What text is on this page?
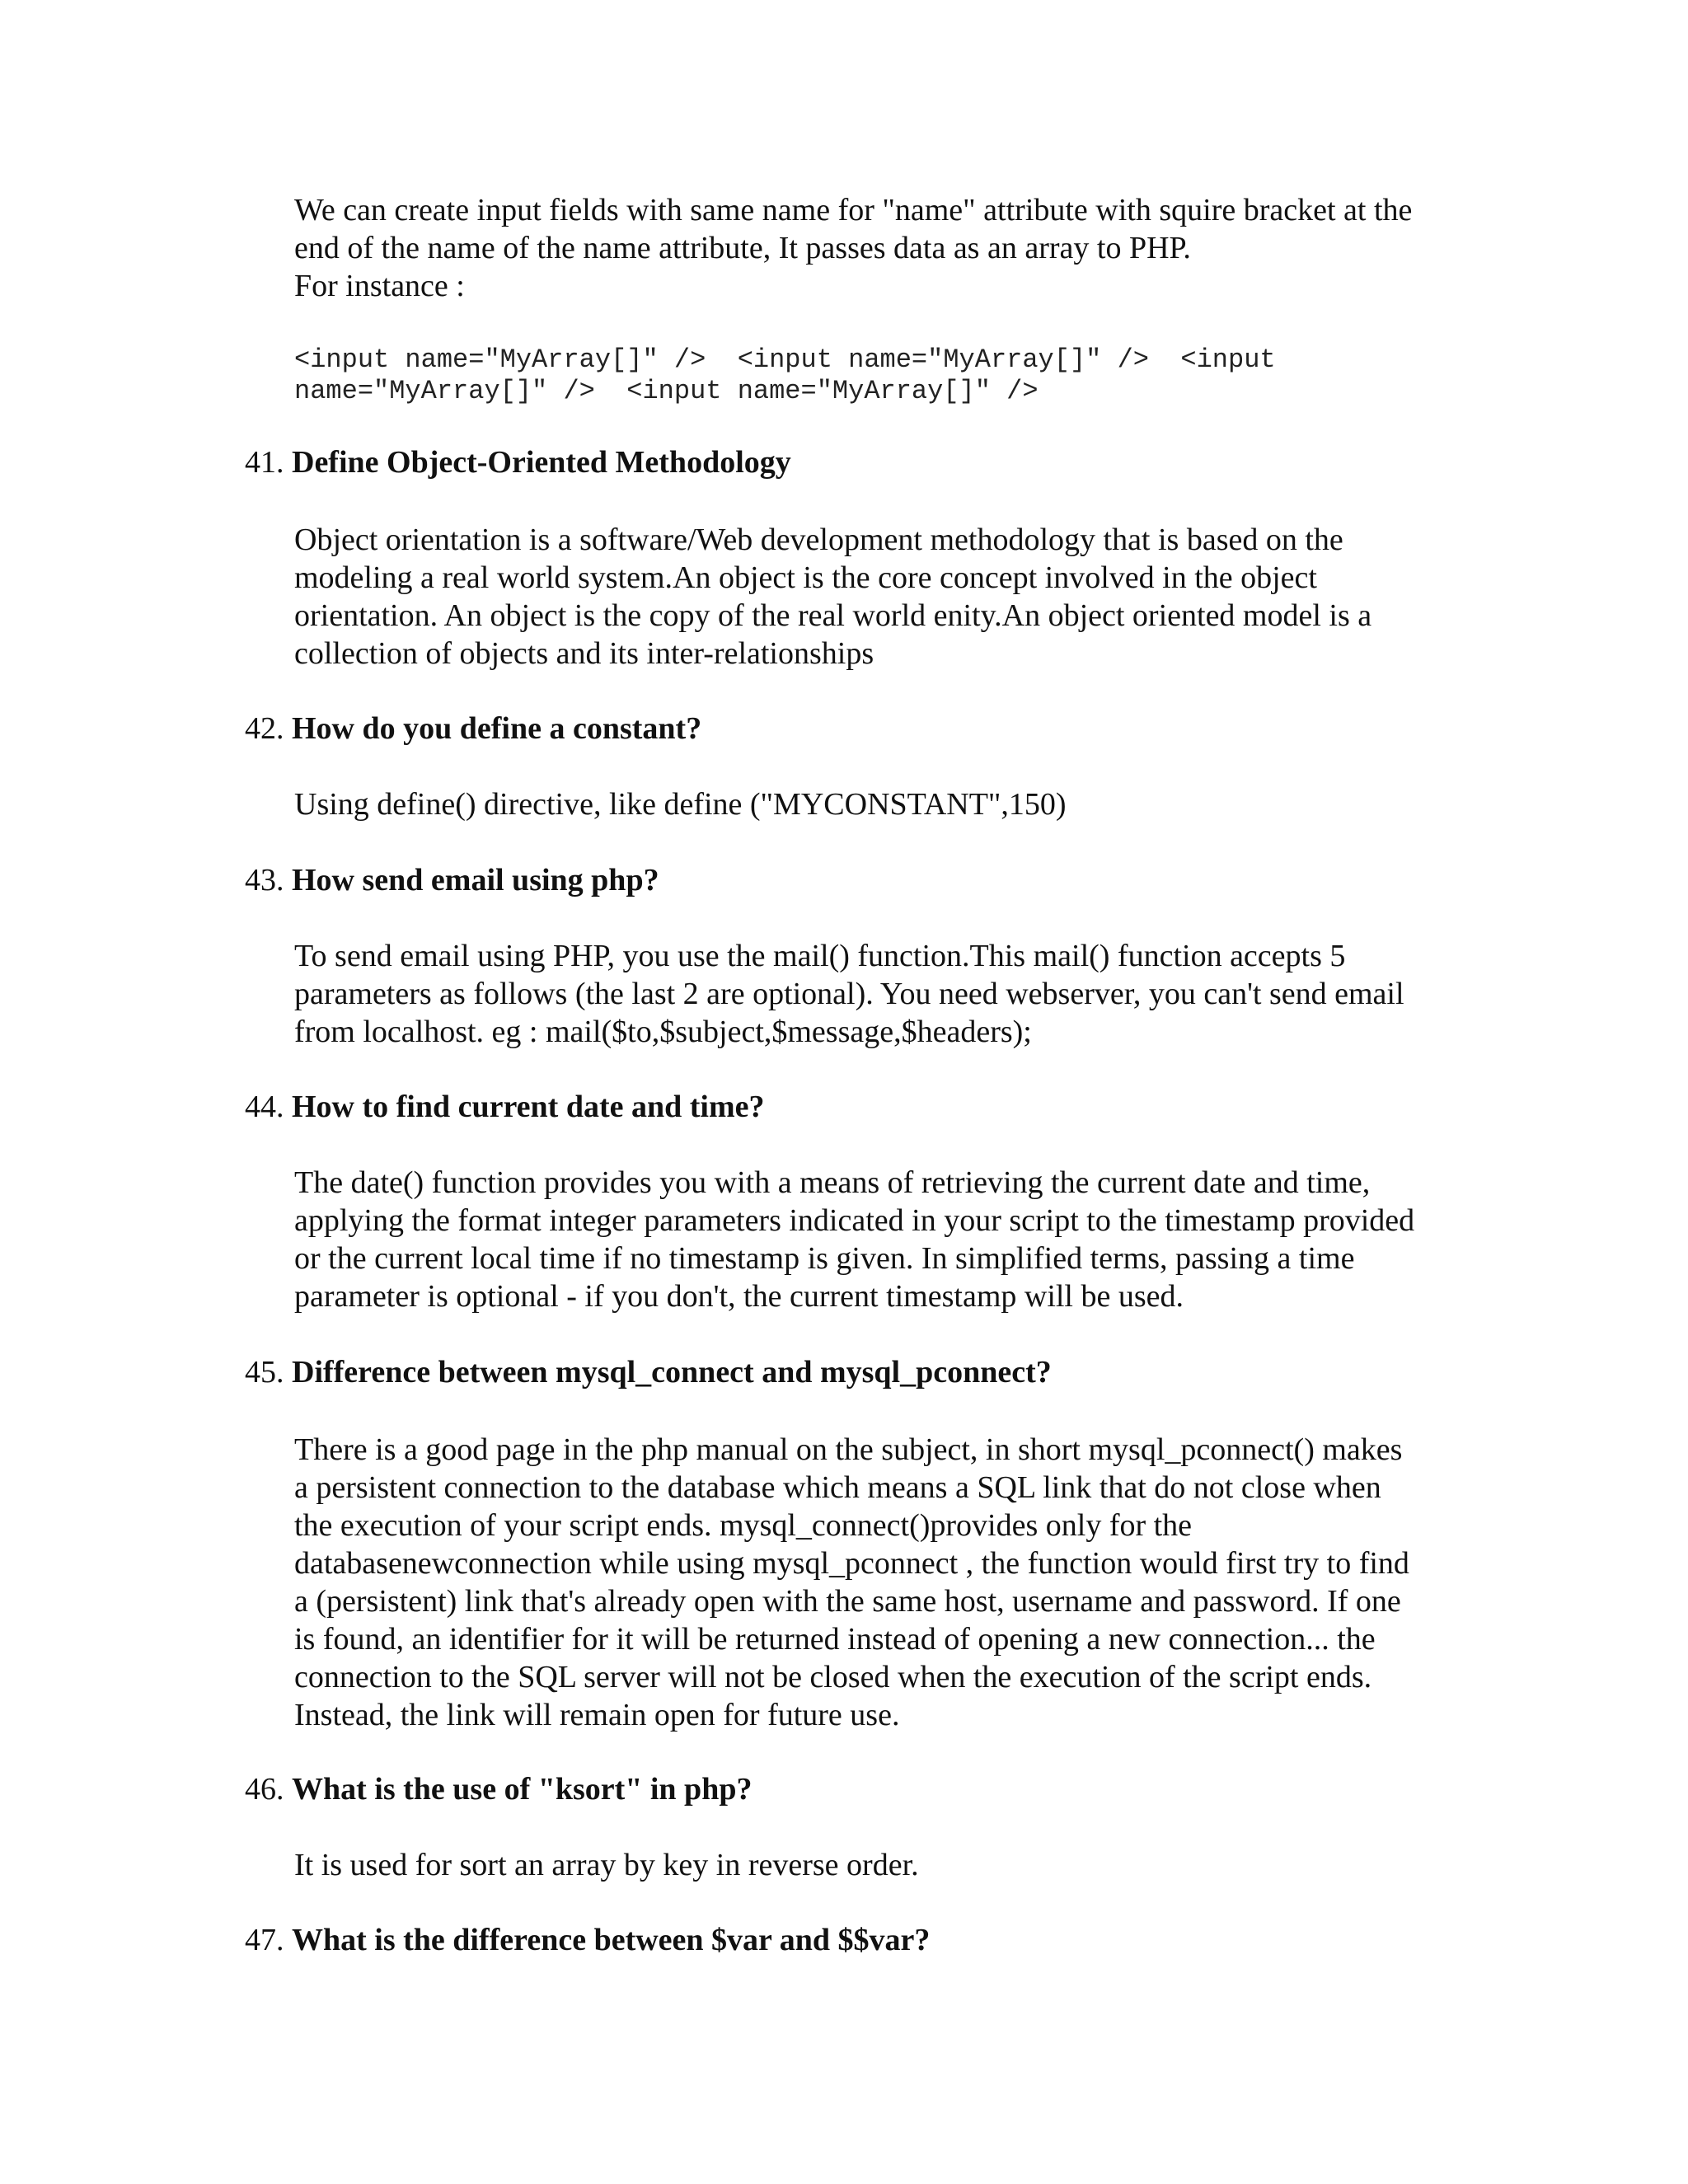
We can create input fields with same name for "name" attribute with squire bracket at the

end of the name of the name attribute, It passes data as an array to PHP.

For instance :

<input name="MyArray[]" />  <input name="MyArray[]" />  <input
name="MyArray[]" />  <input name="MyArray[]" />
41. Define Object-Oriented Methodology

Object orientation is a software/Web development methodology that is based on the

modeling a real world system.An object is the core concept involved in the object

orientation. An object is the copy of the real world enity.An object oriented model is a

collection of objects and its inter-relationships

42. How do you define a constant?

Using define() directive, like define ("MYCONSTANT",150)

43. How send email using php?

To send email using PHP, you use the mail() function.This mail() function accepts 5

parameters as follows (the last 2 are optional). You need webserver, you can't send email

from localhost. eg : mail($to,$subject,$message,$headers);

44. How to find current date and time?

The date() function provides you with a means of retrieving the current date and time,

applying the format integer parameters indicated in your script to the timestamp provided

or the current local time if no timestamp is given. In simplified terms, passing a time

parameter is optional - if you don't, the current timestamp will be used.

45. Difference between mysql_connect and mysql_pconnect?

There is a good page in the php manual on the subject, in short mysql_pconnect() makes

a persistent connection to the database which means a SQL link that do not close when

the execution of your script ends. mysql_connect()provides only for the

databasenewconnection while using mysql_pconnect , the function would first try to find

a (persistent) link that's already open with the same host, username and password. If one

is found, an identifier for it will be returned instead of opening a new connection... the

connection to the SQL server will not be closed when the execution of the script ends.

Instead, the link will remain open for future use.

46. What is the use of "ksort" in php?

It is used for sort an array by key in reverse order.

47. What is the difference between $var and $$var?
